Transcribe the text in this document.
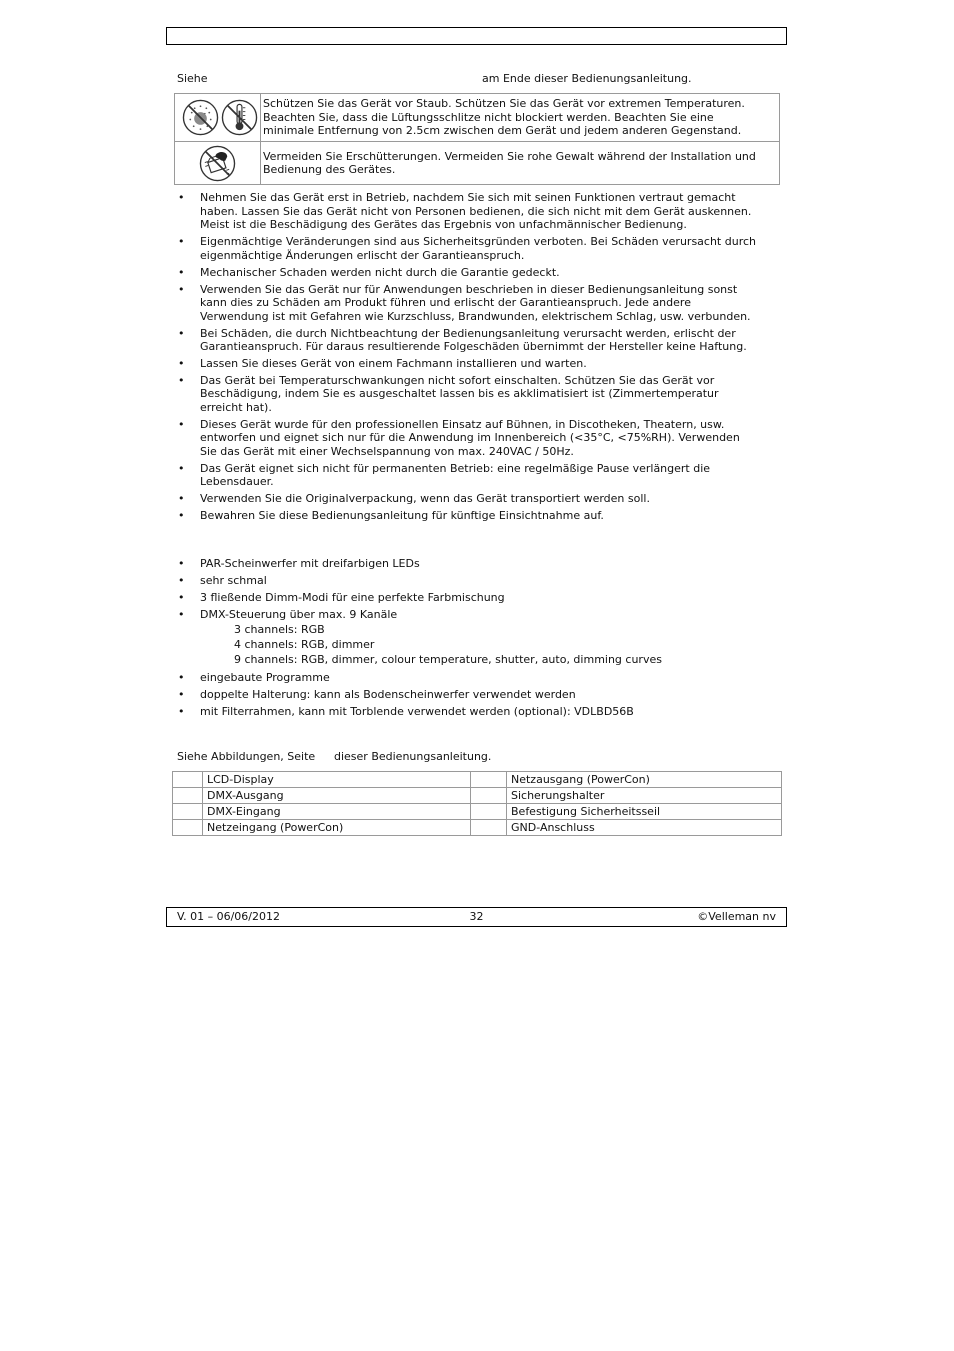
Siehe	am Ende dieser Bedienungsanleitung.

Schützen Sie das Gerät vor Staub. Schützen Sie das Gerät vor extremen Temperaturen.
Beachten Sie, dass die Lüftungsschlitze nicht blockiert werden. Beachten Sie eine
minimale Entfernung von 2.5cm zwischen dem Gerät und jedem anderen Gegenstand.

Vermeiden Sie Erschütterungen. Vermeiden Sie rohe Gewalt während der Installation und
Bedienung des Gerätes.
• Nehmen Sie das Gerät erst in Betrieb, nachdem Sie sich mit seinen Funktionen vertraut gemacht
haben. Lassen Sie das Gerät nicht von Personen bedienen, die sich nicht mit dem Gerät auskennen.
Meist ist die Beschädigung des Gerätes das Ergebnis von unfachmännischer Bedienung.
• Eigenmächtige Veränderungen sind aus Sicherheitsgründen verboten. Bei Schäden verursacht durch
eigenmächtige Änderungen erlischt der Garantieanspruch.
• Mechanischer Schaden werden nicht durch die Garantie gedeckt.
• Verwenden Sie das Gerät nur für Anwendungen beschrieben in dieser Bedienungsanleitung sonst
kann dies zu Schäden am Produkt führen und erlischt der Garantieanspruch. Jede andere
Verwendung ist mit Gefahren wie Kurzschluss, Brandwunden, elektrischem Schlag, usw. verbunden.
• Bei Schäden, die durch Nichtbeachtung der Bedienungsanleitung verursacht werden, erlischt der
Garantieanspruch. Für daraus resultierende Folgeschäden übernimmt der Hersteller keine Haftung.
• Lassen Sie dieses Gerät von einem Fachmann installieren und warten.
• Das Gerät bei Temperaturschwankungen nicht sofort einschalten. Schützen Sie das Gerät vor
Beschädigung, indem Sie es ausgeschaltet lassen bis es akklimatisiert ist (Zimmertemperatur
erreicht hat).
• Dieses Gerät wurde für den professionellen Einsatz auf Bühnen, in Discotheken, Theatern, usw.
entworfen und eignet sich nur für die Anwendung im Innenbereich (<35°C, <75%RH). Verwenden
Sie das Gerät mit einer Wechselspannung von max. 240VAC / 50Hz.
• Das Gerät eignet sich nicht für permanenten Betrieb: eine regelmäßige Pause verlängert die
Lebensdauer.
• Verwenden Sie die Originalverpackung, wenn das Gerät transportiert werden soll.
• Bewahren Sie diese Bedienungsanleitung für künftige Einsichtnahme auf.
• PAR-Scheinwerfer mit dreifarbigen LEDs
• sehr schmal
• 3 fließende Dimm-Modi für eine perfekte Farbmischung
• DMX-Steuerung über max. 9 Kanäle
3 channels: RGB
4 channels: RGB, dimmer
9 channels: RGB, dimmer, colour temperature, shutter, auto, dimming curves
• eingebaute Programme
• doppelte Halterung: kann als Bodenscheinwerfer verwendet werden
• mit Filterrahmen, kann mit Torblende verwendet werden (optional): VDLBD56B
Siehe Abbildungen, Seite dieser Bedienungsanleitung.
	LCD-Display		Netzausgang (PowerCon)
	DMX-Ausgang		Sicherungshalter
	DMX-Eingang		Befestigung Sicherheitsseil
	Netzeingang (PowerCon)		GND-Anschluss
V. 01 – 06/06/2012	32	©Velleman nv
